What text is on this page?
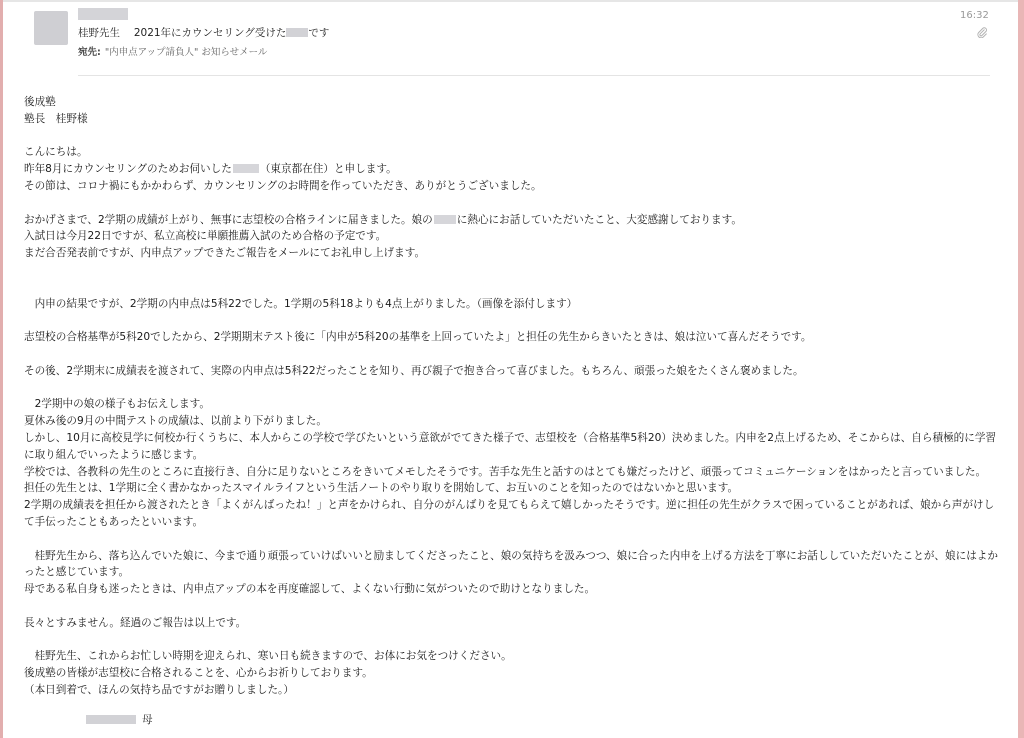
桂野先生　 2021年にカウンセリング受けた です
宛先: "内申点アップ請負人" お知らせメール
16:32

後成塾
塾長　桂野様

こんにちは。
昨年8月にカウンセリングのためお伺いした	（東京都在住）と申します。
その節は、コロナ禍にもかかわらず、カウンセリングのお時間を作っていただき、ありがとうございました。

おかげさまで、2学期の成績が上がり、無事に志望校の合格ラインに届きました。娘の に熱心にお話していただいたこと、大変感謝しております。
入試日は今月22日ですが、私立高校に単願推薦入試のため合格の予定です。
まだ合否発表前ですが、内申点アップできたご報告をメールにてお礼申し上げます。

　内申の結果ですが、2学期の内申点は5科22でした。1学期の5科18よりも4点上がりました。（画像を添付します）

志望校の合格基準が5科20でしたから、2学期期末テスト後に「内申が5科20の基準を上回っていたよ」と担任の先生からきいたときは、娘は泣いて喜んだそうです。

その後、2学期末に成績表を渡されて、実際の内申点は5科22だったことを知り、再び親子で抱き合って喜びました。もちろん、頑張った娘をたくさん褒めました。

　2学期中の娘の様子もお伝えします。
夏休み後の9月の中間テストの成績は、以前より下がりました。
しかし、10月に高校見学に何校か行くうちに、本人からこの学校で学びたいという意欲がでてきた様子で、志望校を（合格基準5科20）決めました。内申を2点上げるため、そこからは、自ら積極的に学習に取り組んでいったように感じます。
学校では、各教科の先生のところに直接行き、自分に足りないところをきいてメモしたそうです。苦手な先生と話すのはとても嫌だったけど、頑張ってコミュニケーションをはかったと言っていました。
担任の先生とは、1学期に全く書かなかったスマイルライフという生活ノートのやり取りを開始して、お互いのことを知ったのではないかと思います。
2学期の成績表を担任から渡されたとき「よくがんばったね！」と声をかけられ、自分のがんばりを見てもらえて嬉しかったそうです。逆に担任の先生がクラスで困っていることがあれば、娘から声がけして手伝ったこともあったといいます。

　桂野先生から、落ち込んでいた娘に、今まで通り頑張っていけばいいと励ましてくださったこと、娘の気持ちを汲みつつ、娘に合った内申を上げる方法を丁寧にお話ししていただいたことが、娘にはよかったと感じています。
母である私自身も迷ったときは、内申点アップの本を再度確認して、よくない行動に気がついたので助けとなりました。

長々とすみません。経過のご報告は以上です。

　桂野先生、これからお忙しい時期を迎えられ、寒い日も続きますので、お体にお気をつけください。
後成塾の皆様が志望校に合格されることを、心からお祈りしております。
（本日到着で、ほんの気持ち品ですがお贈りしました。）

母
